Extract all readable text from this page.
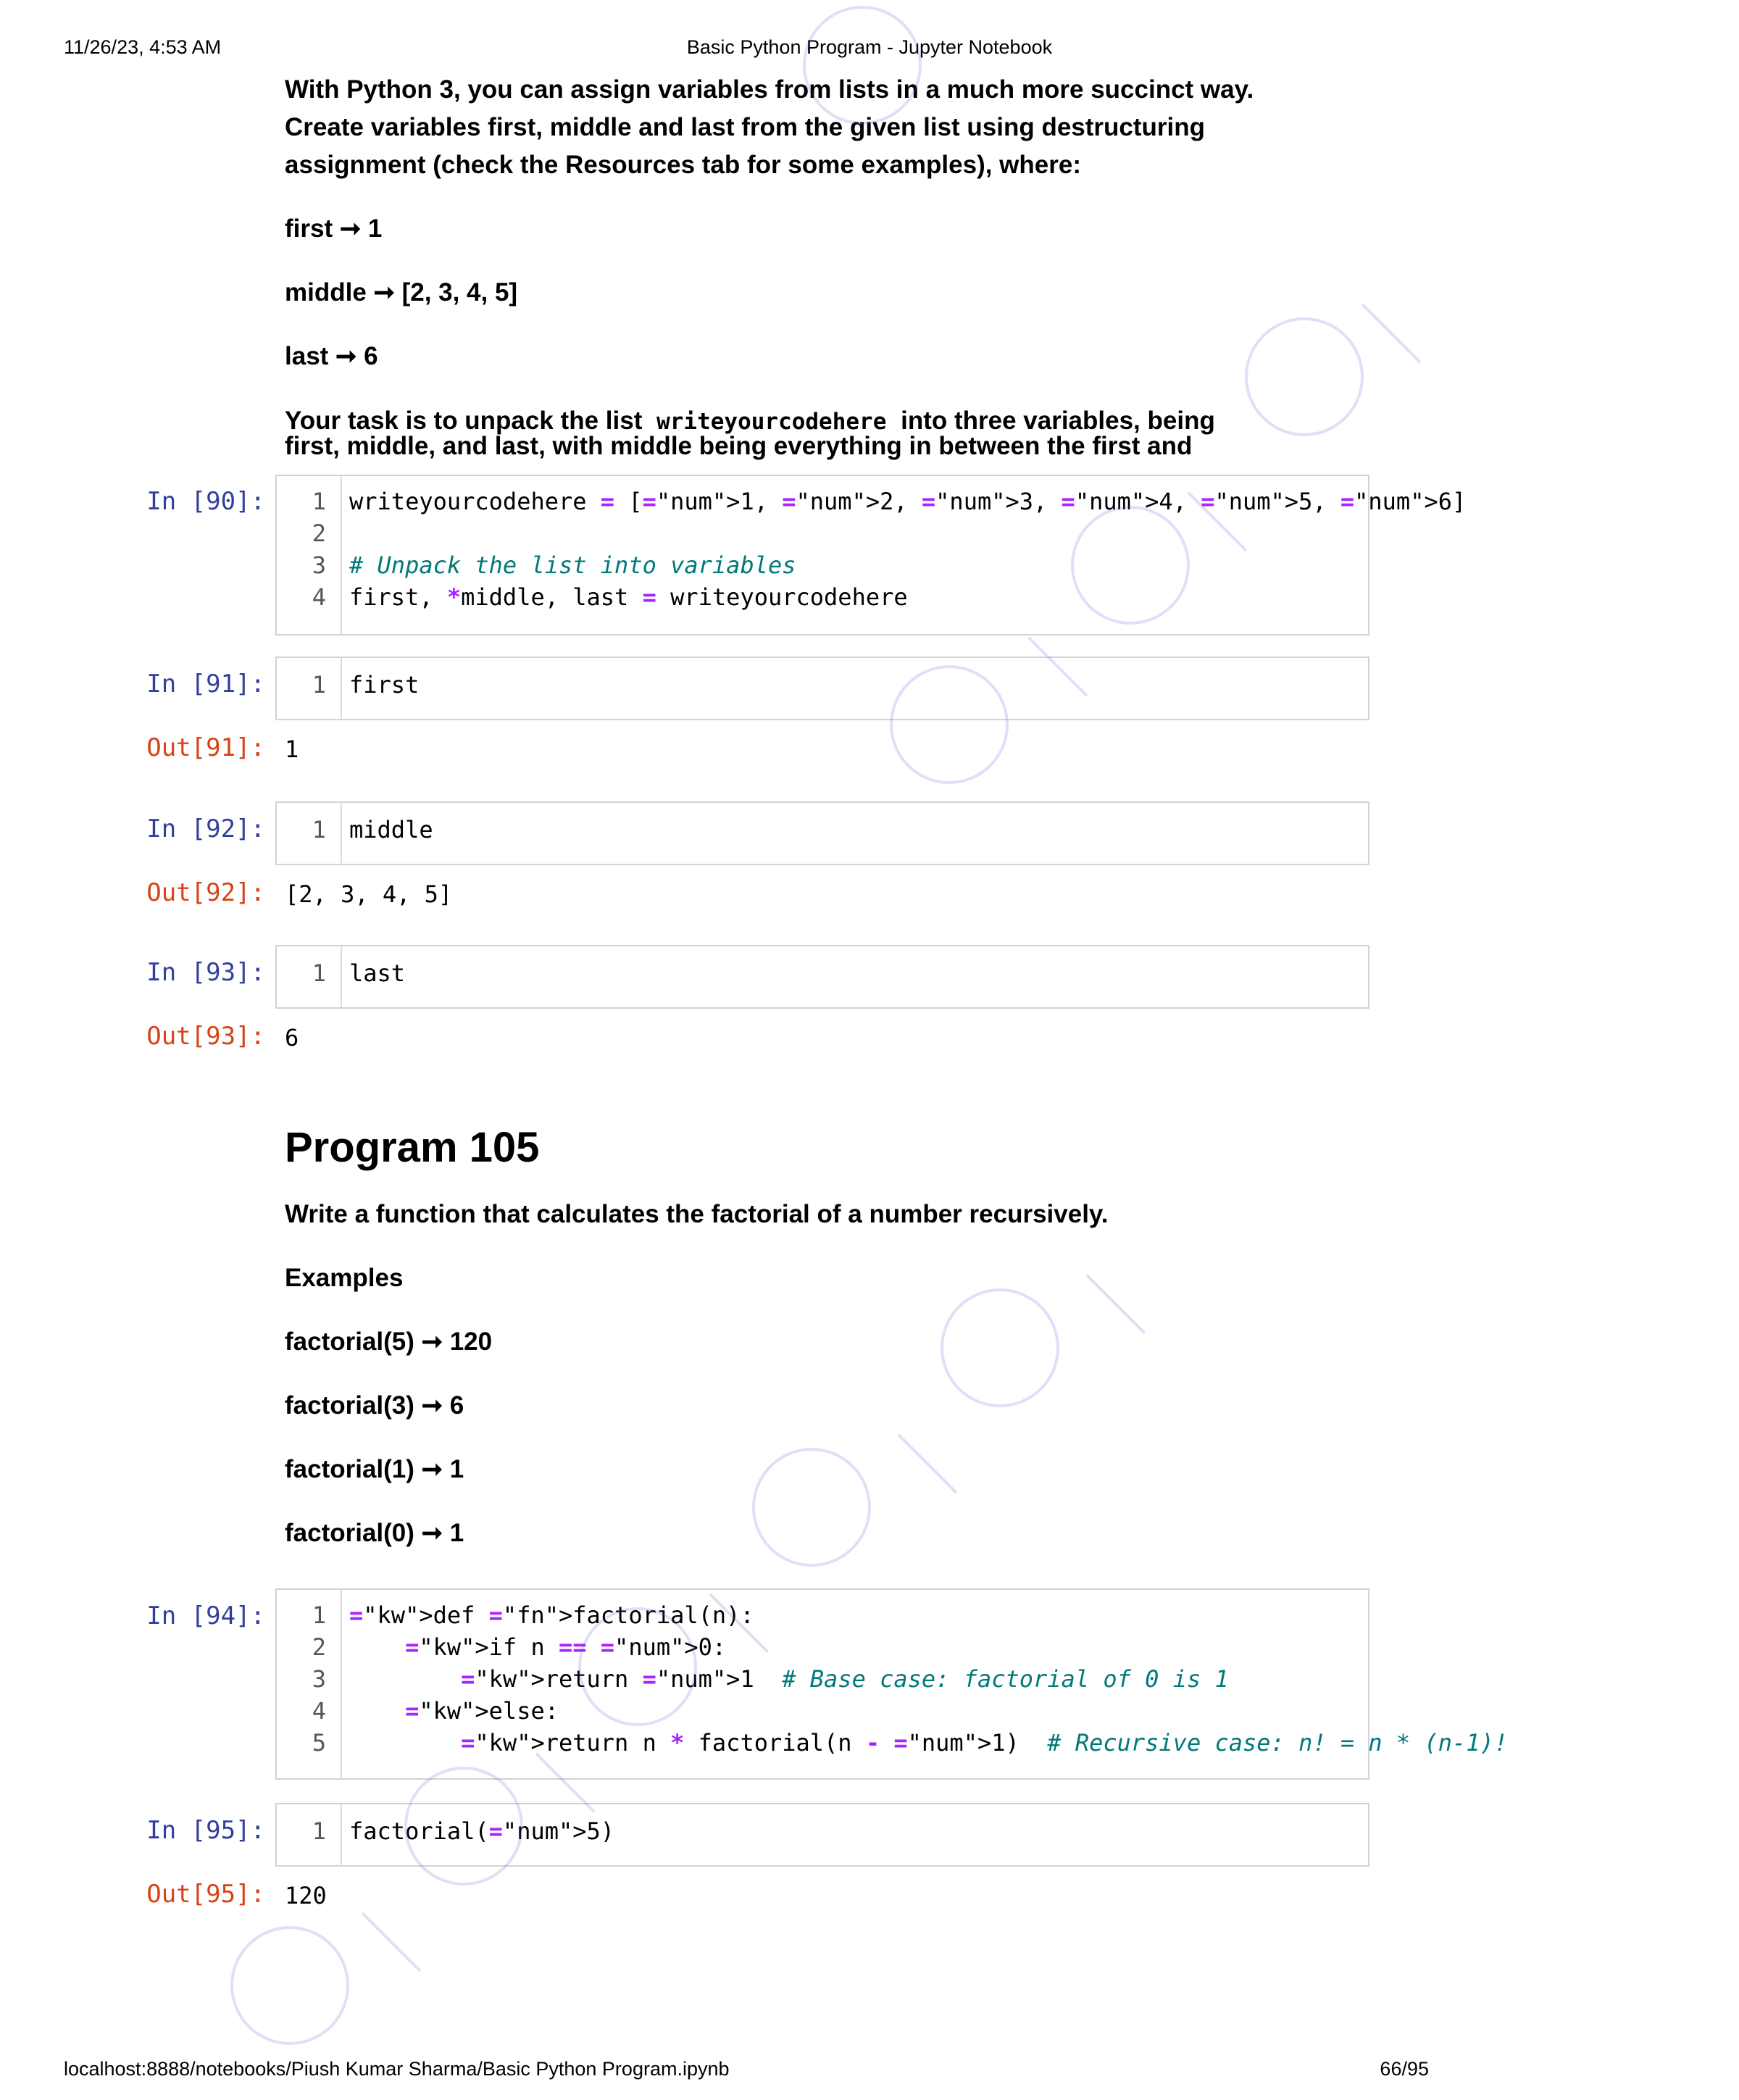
11/26/23, 4:53 AM	Basic Python Program - Jupyter Notebook
localhost:8888/notebooks/Piush Kumar Sharma/Basic Python Program.ipynb	66/95
With Python 3, you can assign variables from lists in a much more succinct way.
Create variables first, middle and last from the given list using destructuring
assignment (check the Resources tab for some examples), where:
first ➞ 1
middle ➞ [2, 3, 4, 5]
last ➞ 6
Your task is to unpack the list writeyourcodehere into three variables, being
first, middle, and last, with middle being everything in between the first and
In [90]:	1
2
3
4
writeyourcodehere = [="num">1, ="num">2, ="num">3, ="num">4, ="num">5, ="num">6]
# Unpack the list into variables
first, *middle, last = writeyourcodehere
In [91]:	1 first
Out[91]: 1
In [92]:	1 middle
Out[92]: [2, 3, 4, 5]
In [93]:	1 last
Out[93]: 6
Program 105
Write a function that calculates the factorial of a number recursively.
Examples
factorial(5) ➞ 120
factorial(3) ➞ 6
factorial(1) ➞ 1
factorial(0) ➞ 1
In [94]:	1
2
3
4
5
="kw">def ="fn">factorial(n):
="kw">if n == ="num">0:
="kw">return ="num">1  # Base case: factorial of 0 is 1
="kw">else:
="kw">return n * factorial(n - ="num">1)  # Recursive case: n! = n * (n-1)!
In [95]:	1 factorial(="num">5)
Out[95]: 120
